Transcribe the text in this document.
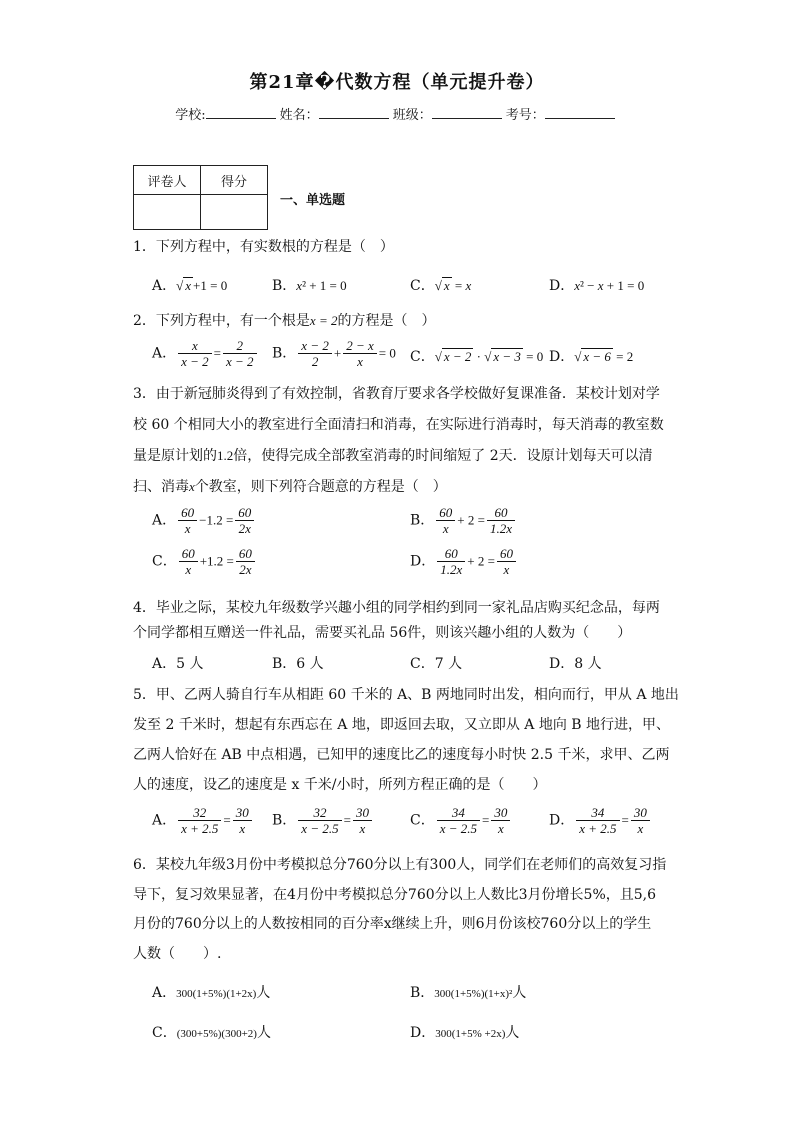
第21章�代数方程（单元提升卷）
学校:	姓名：	班级：	考号：
评卷人	得分

一、单选题
1．下列方程中，有实数根的方程是（　）
A．√ x +1 = 0	B．x² + 1 = 0	C．√ x = x	D．x² − x + 1 = 0
2．下列方程中，有一个根是x = 2的方程是（　）
A． $\frac{x}{x - 2} = \frac{2}{x - 2}$ B． $\frac{x - 2}{2} + \frac{2 - x}{x} = 0$ C．√ x − 2 · √ x − 3 = 0 D．√ x − 6 = 2
3．由于新冠肺炎得到了有效控制，省教育厅要求各学校做好复课准备．某校计划对学
校 60 个相同大小的教室进行全面清扫和消毒，在实际进行消毒时，每天消毒的教室数
量是原计划的1.2倍，使得完成全部教室消毒的时间缩短了 2天．设原计划每天可以清
扫、消毒x个教室，则下列符合题意的方程是（　）
A． $\frac{60}{x} -1.2 = \frac{60}{2x}$	B． $\frac{60}{x} + 2 = \frac{60}{1.2x}$
C． $\frac{60}{x} +1.2 = \frac{60}{2x}$	D． $\frac{60}{1.2x} + 2 = \frac{60}{x}$
4．毕业之际，某校九年级数学兴趣小组的同学相约到同一家礼品店购买纪念品，每两
个同学都相互赠送一件礼品，需要买礼品 56件，则该兴趣小组的人数为（　　）
A．5 人	B．6 人	C．7 人	D．8 人
5．甲、乙两人骑自行车从相距 60 千米的 A、B 两地同时出发，相向而行，甲从 A 地出
发至 2 千米时，想起有东西忘在 A 地，即返回去取，又立即从 A 地向 B 地行进，甲、
乙两人恰好在 AB 中点相遇，已知甲的速度比乙的速度每小时快 2.5 千米，求甲、乙两
人的速度，设乙的速度是 x 千米/小时，所列方程正确的是（　　）
A． $\frac{32}{x + 2.5} = \frac{30}{x}$ B． $\frac{32}{x - 2.5} = \frac{30}{x}$	C． $\frac{34}{x - 2.5} = \frac{30}{x}$	D． $\frac{34}{x + 2.5} = \frac{30}{x}$
6．某校九年级3月份中考模拟总分760分以上有300人，同学们在老师们的高效复习指
导下，复习效果显著，在4月份中考模拟总分760分以上人数比3月份增长5%，且5,6
月份的760分以上的人数按相同的百分率x继续上升，则6月份该校760分以上的学生
人数（　　）.
A．300(1+5%)(1+2x)人	B．300(1+5%)(1+x)²人
C．(300+5%)(300+2)人	D．300(1+5% +2x)人
